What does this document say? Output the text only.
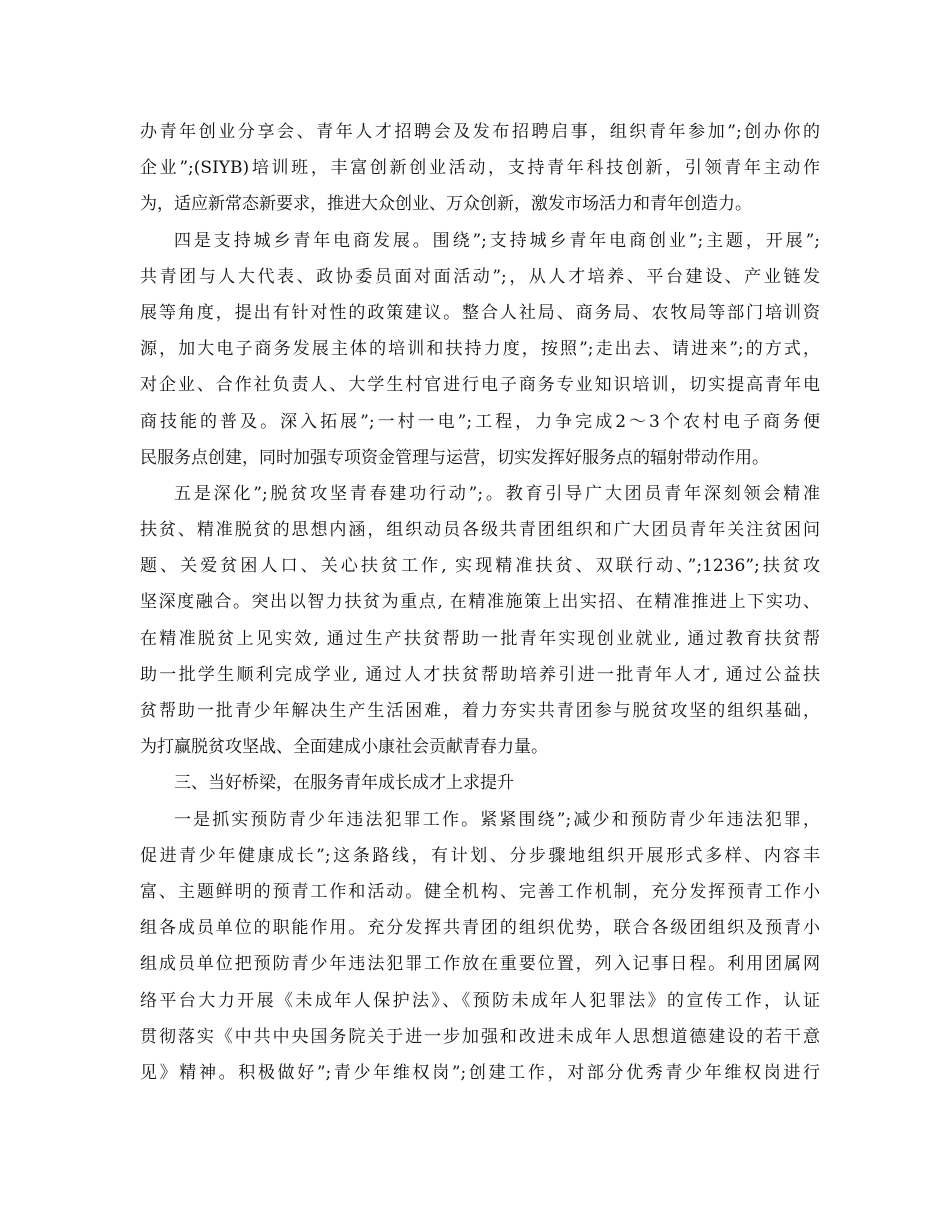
办青年创业分享会、青年人才招聘会及发布招聘启事，组织青年参加”;创办你的
企业”;(SIYB)培训班，丰富创新创业活动，支持青年科技创新，引领青年主动作
为，适应新常态新要求，推进大众创业、万众创新，激发市场活力和青年创造力。
四是支持城乡青年电商发展。围绕”;支持城乡青年电商创业”;主题，开展”;
共青团与人大代表、政协委员面对面活动”;，从人才培养、平台建设、产业链发
展等角度，提出有针对性的政策建议。整合人社局、商务局、农牧局等部门培训资
源，加大电子商务发展主体的培训和扶持力度，按照”;走出去、请进来”;的方式，
对企业、合作社负责人、大学生村官进行电子商务专业知识培训，切实提高青年电
商技能的普及。深入拓展”;一村一电”;工程，力争完成2～3个农村电子商务便
民服务点创建，同时加强专项资金管理与运营，切实发挥好服务点的辐射带动作用。
五是深化”;脱贫攻坚青春建功行动”;。教育引导广大团员青年深刻领会精准
扶贫、精准脱贫的思想内涵，组织动员各级共青团组织和广大团员青年关注贫困问
题、关爱贫困人口、关心扶贫工作, 实现精准扶贫、双联行动、”;1236”;扶贫攻
坚深度融合。突出以智力扶贫为重点, 在精准施策上出实招、在精准推进上下实功、
在精准脱贫上见实效, 通过生产扶贫帮助一批青年实现创业就业, 通过教育扶贫帮
助一批学生顺利完成学业, 通过人才扶贫帮助培养引进一批青年人才, 通过公益扶
贫帮助一批青少年解决生产生活困难，着力夯实共青团参与脱贫攻坚的组织基础，
为打赢脱贫攻坚战、全面建成小康社会贡献青春力量。
三、当好桥梁，在服务青年成长成才上求提升
一是抓实预防青少年违法犯罪工作。紧紧围绕”;减少和预防青少年违法犯罪，
促进青少年健康成长”;这条路线，有计划、分步骤地组织开展形式多样、内容丰
富、主题鲜明的预青工作和活动。健全机构、完善工作机制，充分发挥预青工作小
组各成员单位的职能作用。充分发挥共青团的组织优势，联合各级团组织及预青小
组成员单位把预防青少年违法犯罪工作放在重要位置，列入记事日程。利用团属网
络平台大力开展《未成年人保护法》、《预防未成年人犯罪法》的宣传工作，认证
贯彻落实《中共中央国务院关于进一步加强和改进未成年人思想道德建设的若干意
见》精神。积极做好”;青少年维权岗”;创建工作，对部分优秀青少年维权岗进行
